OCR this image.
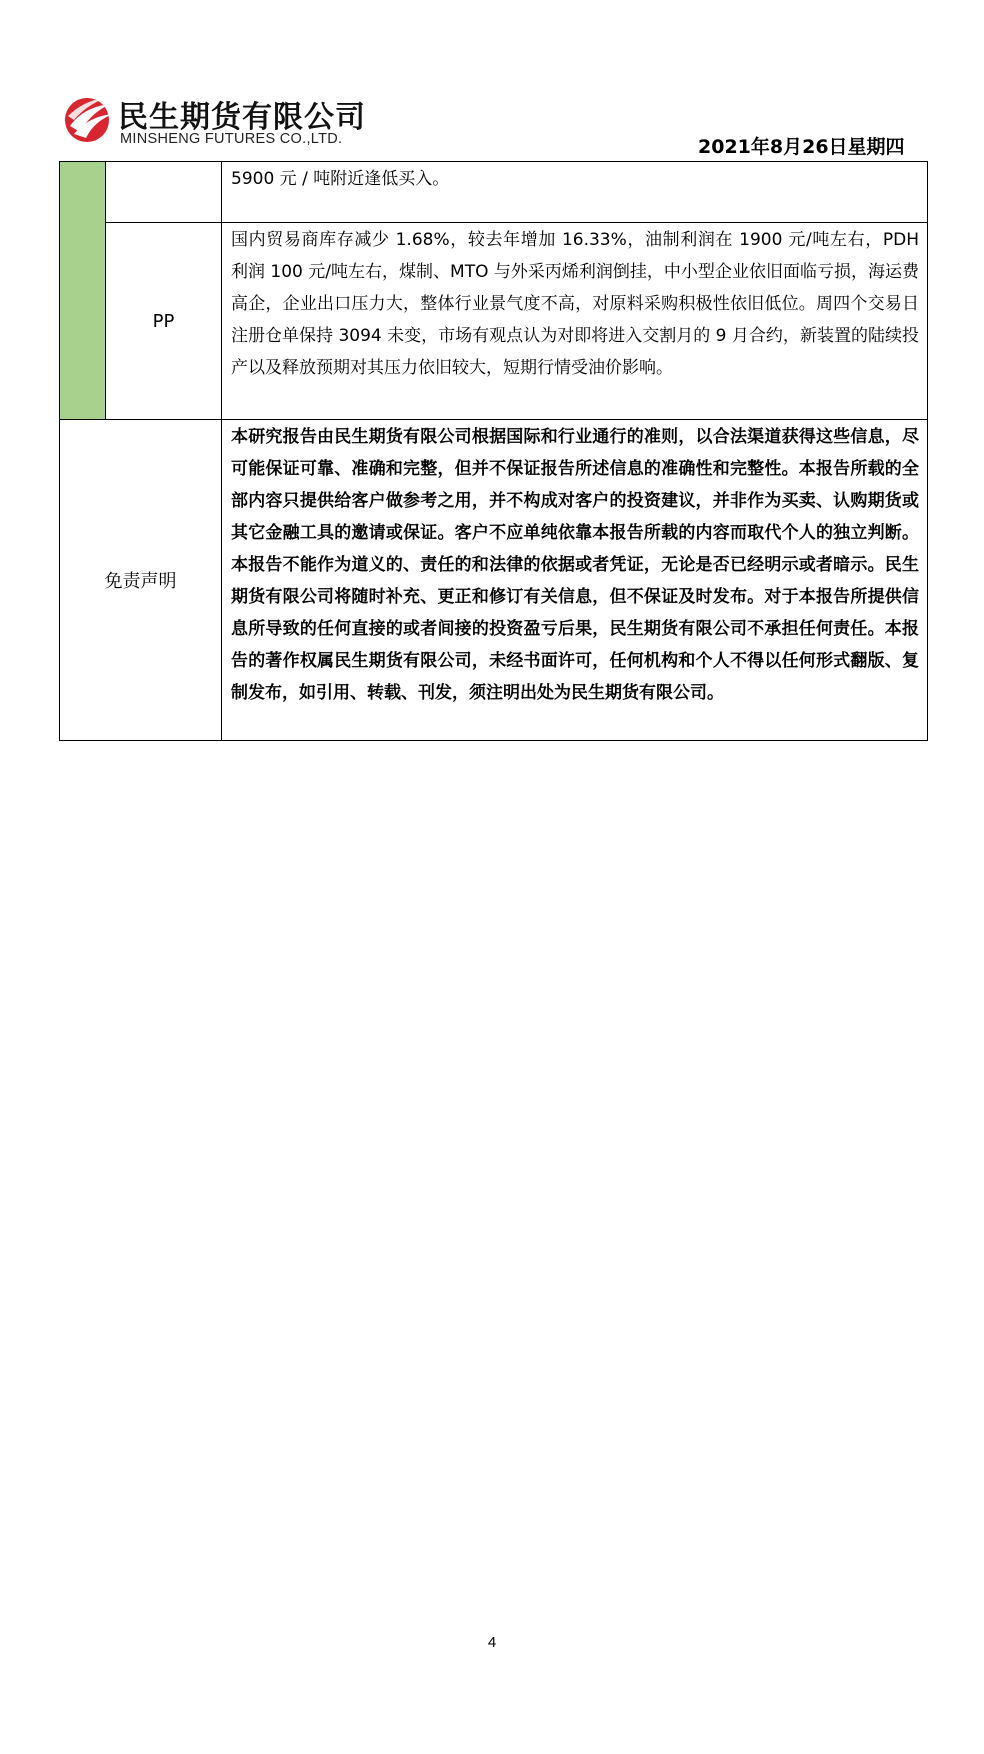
民生期货有限公司
MINSHENG FUTURES CO.,LTD.	2021年8月26日星期四
		5900 元 / 吨附近逢低买入。
	PP	国内贸易商库存减少 1.68%，较去年增加 16.33%，油制利润在 1900 元/吨左右，PDH 利润 100 元/吨左右，煤制、MTO 与外采丙烯利润倒挂，中小型企业依旧面临亏损，海运费高企，企业出口压力大，整体行业景气度不高，对原料采购积极性依旧低位。周四个交易日注册仓单保持 3094 未变，市场有观点认为对即将进入交割月的 9 月合约，新装置的陆续投产以及释放预期对其压力依旧较大，短期行情受油价影响。
免责声明		本研究报告由民生期货有限公司根据国际和行业通行的准则，以合法渠道获得这些信息，尽可能保证可靠、准确和完整，但并不保证报告所述信息的准确性和完整性。本报告所载的全部内容只提供给客户做参考之用，并不构成对客户的投资建议，并非作为买卖、认购期货或其它金融工具的邀请或保证。客户不应单纯依靠本报告所载的内容而取代个人的独立判断。本报告不能作为道义的、责任的和法律的依据或者凭证，无论是否已经明示或者暗示。民生期货有限公司将随时补充、更正和修订有关信息，但不保证及时发布。对于本报告所提供信息所导致的任何直接的或者间接的投资盈亏后果，民生期货有限公司不承担任何责任。本报告的著作权属民生期货有限公司，未经书面许可，任何机构和个人不得以任何形式翻版、复制发布，如引用、转载、刊发，须注明出处为民生期货有限公司。
4
